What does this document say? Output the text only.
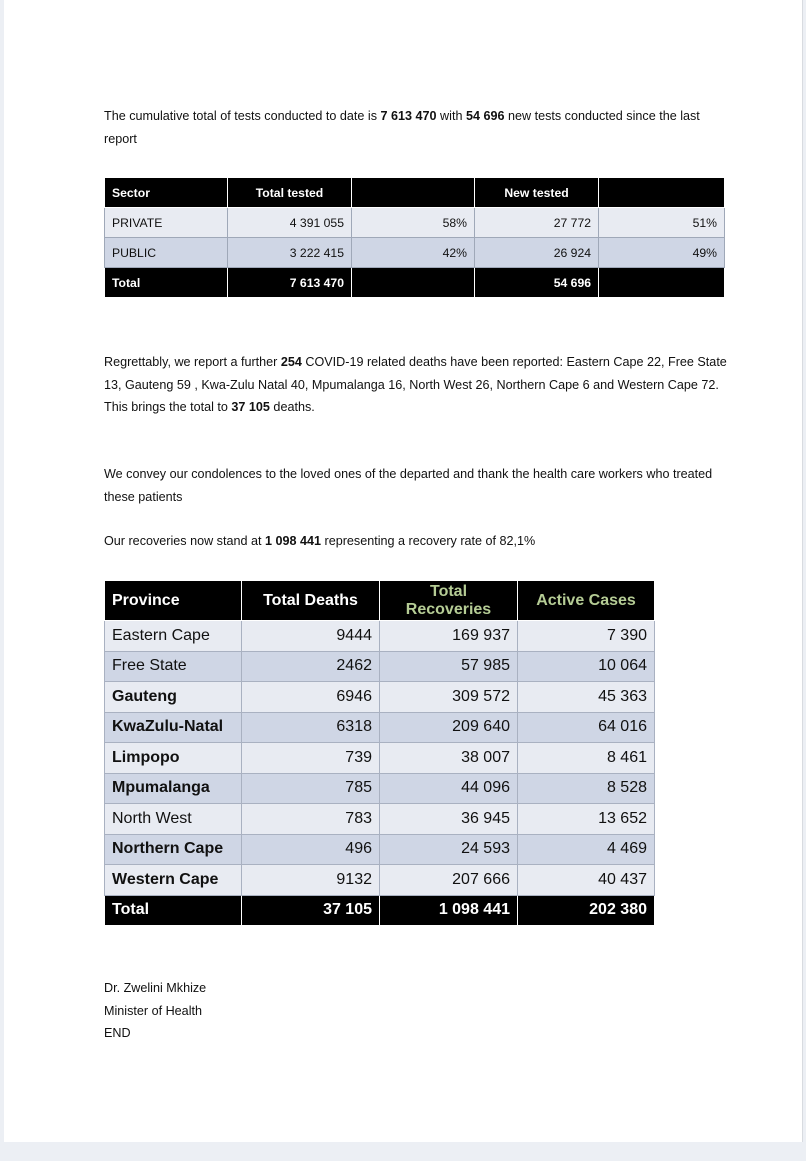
The cumulative total of tests conducted to date is 7 613 470 with 54 696 new tests conducted since the last report

Sector	Total tested		New tested	
PRIVATE	4 391 055	58%	27 772	51%
PUBLIC	3 222 415	42%	26 924	49%
Total	7 613 470		54 696	

Regrettably, we report a further 254 COVID-19 related deaths have been reported: Eastern Cape 22, Free State 13, Gauteng 59 , Kwa-Zulu Natal 40, Mpumalanga 16, North West 26, Northern Cape 6 and Western Cape 72. This brings the total to 37 105 deaths.

We convey our condolences to the loved ones of the departed and thank the health care workers who treated these patients

Our recoveries now stand at 1 098 441 representing a recovery rate of 82,1%

Province	Total Deaths	Total Recoveries	Active Cases
Eastern Cape	9444	169 937	7 390
Free State	2462	57 985	10 064
Gauteng	6946	309 572	45 363
KwaZulu-Natal	6318	209 640	64 016
Limpopo	739	38 007	8 461
Mpumalanga	785	44 096	8 528
North West	783	36 945	13 652
Northern Cape	496	24 593	4 469
Western Cape	9132	207 666	40 437
Total	37 105	1 098 441	202 380
Dr. Zwelini Mkhize
Minister of Health
END
